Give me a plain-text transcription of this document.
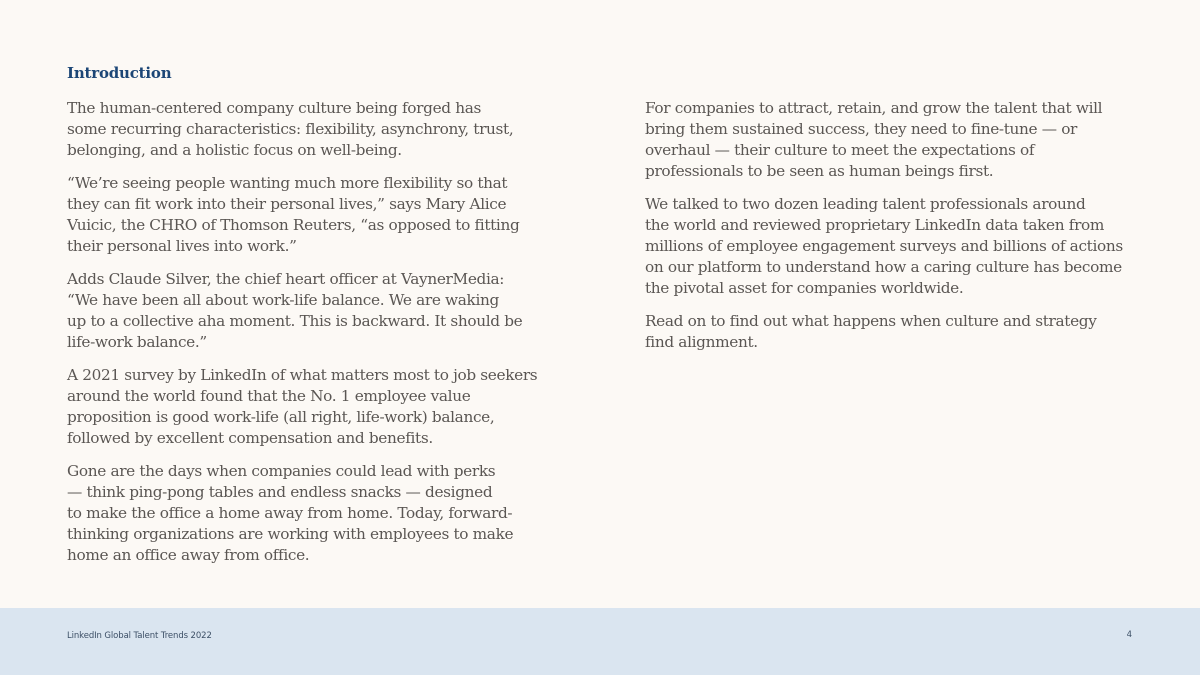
Introduction

The human-centered company culture being forged has
some recurring characteristics: flexibility, asynchrony, trust,
belonging, and a holistic focus on well-being.

“We’re seeing people wanting much more flexibility so that
they can fit work into their personal lives,” says Mary Alice
Vuicic, the CHRO of Thomson Reuters, “as opposed to fitting
their personal lives into work.”

Adds Claude Silver, the chief heart officer at VaynerMedia:
“We have been all about work-life balance. We are waking
up to a collective aha moment. This is backward. It should be
life-work balance.”

A 2021 survey by LinkedIn of what matters most to job seekers
around the world found that the No. 1 employee value
proposition is good work-life (all right, life-work) balance,
followed by excellent compensation and benefits.

Gone are the days when companies could lead with perks
— think ping-pong tables and endless snacks — designed
to make the office a home away from home. Today, forward-
thinking organizations are working with employees to make
home an office away from office.

For companies to attract, retain, and grow the talent that will
bring them sustained success, they need to fine-tune — or
overhaul — their culture to meet the expectations of
professionals to be seen as human beings first.

We talked to two dozen leading talent professionals around
the world and reviewed proprietary LinkedIn data taken from
millions of employee engagement surveys and billions of actions
on our platform to understand how a caring culture has become
the pivotal asset for companies worldwide.

Read on to find out what happens when culture and strategy
find alignment.

LinkedIn Global Talent Trends 2022	4
